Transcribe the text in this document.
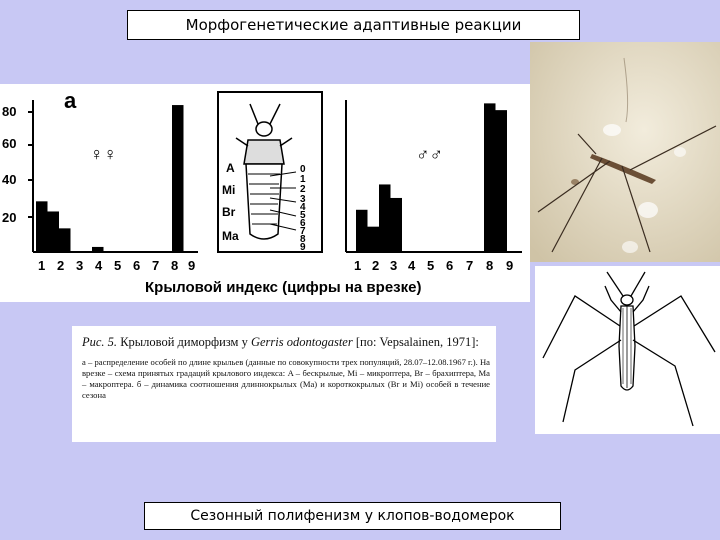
Морфогенетические адаптивные реакции
a
80
60
40
20
♀♀	♂♂
1 2 3 4 5 6 7 8 9	1 2 3 4 5 6 7 8 9
Крыловой индекс (цифры на врезке)
A
Mi
Br
Ma
0
1
2
3
4
5
6
7
8
9
Рис. 5. Крыловой диморфизм у Gerris odontogaster [по: Vepsalainen, 1971]:
а – распределение особей по длине крыльев (данные по совокупности трех популяций, 28.07–12.08.1967 г.). На врезке – схема принятых градаций крылового индекса: A – бескрылые, Mi – микроптера, Br – брахиптера, Ma – макроптера. б – динамика соотношения длиннокрылых (Ma) и короткокрылых (Br и Mi) особей в течение сезона
Сезонный полифенизм у клопов-водомерок
